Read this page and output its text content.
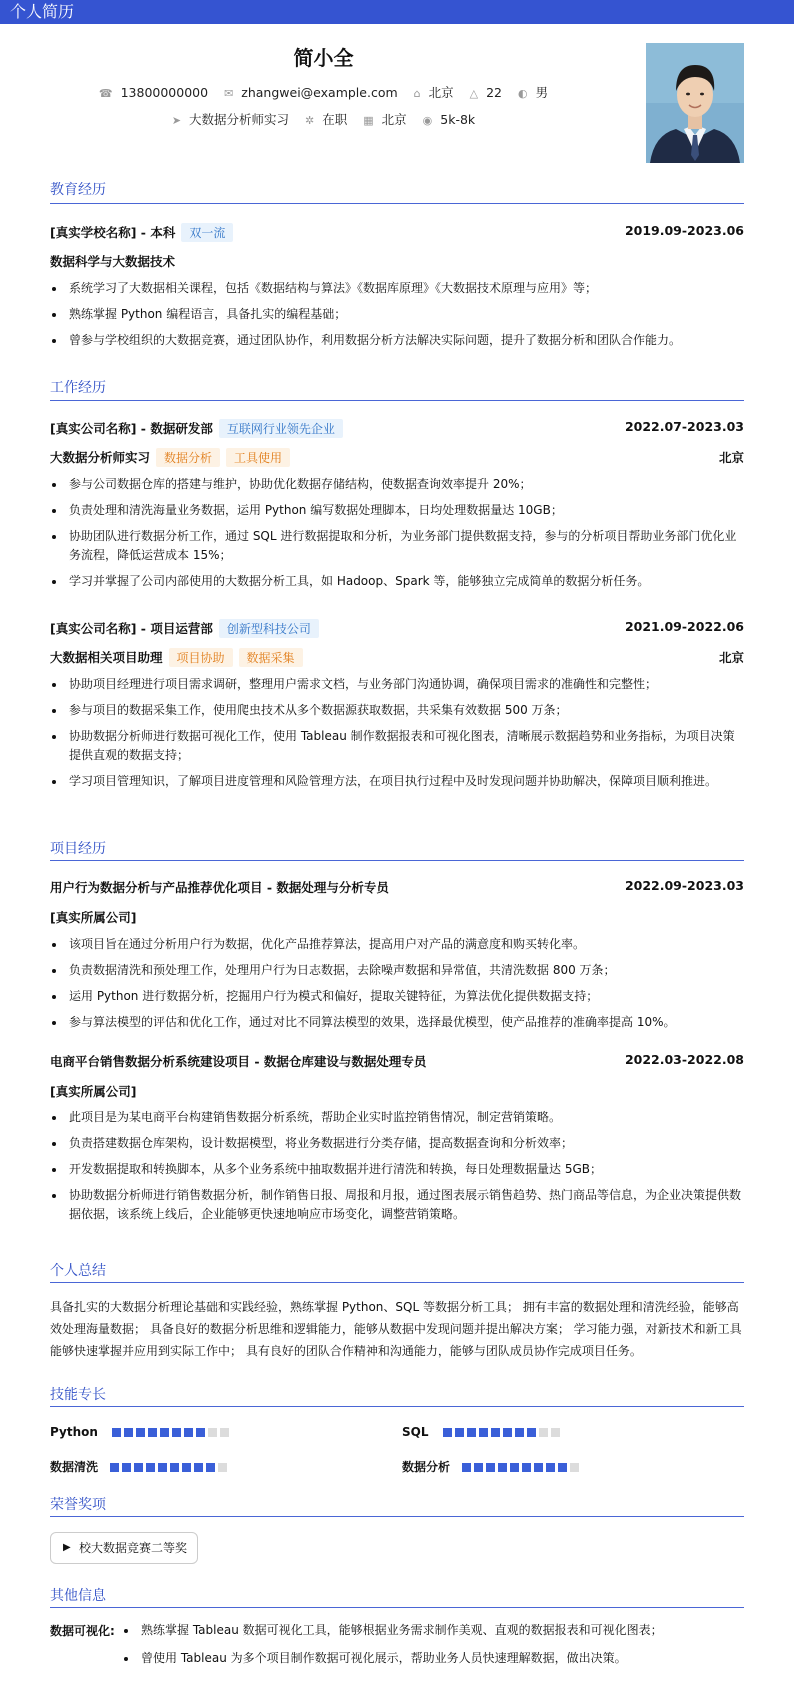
个人简历
简小全
☎ 13800000000 ✉ zhangwei@example.com ⌂ 北京 △ 22 ◐ 男
➤ 大数据分析师实习 ✲ 在职 ▦ 北京 ◉ 5k-8k
教育经历
[真实学校名称] - 本科 双一流	2019.09-2023.06
数据科学与大数据技术
系统学习了大数据相关课程，包括《数据结构与算法》《数据库原理》《大数据技术原理与应用》等；
熟练掌握 Python 编程语言，具备扎实的编程基础；
曾参与学校组织的大数据竞赛，通过团队协作，利用数据分析方法解决实际问题，提升了数据分析和团队合作能力。
工作经历
[真实公司名称] - 数据研发部 互联网行业领先企业	2022.07-2023.03
大数据分析师实习 数据分析 工具使用	北京
参与公司数据仓库的搭建与维护，协助优化数据存储结构，使数据查询效率提升 20%；
负责处理和清洗海量业务数据，运用 Python 编写数据处理脚本，日均处理数据量达 10GB；
协助团队进行数据分析工作，通过 SQL 进行数据提取和分析，为业务部门提供数据支持，参与的分析项目帮助业务部门优化业务流程，降低运营成本 15%；
学习并掌握了公司内部使用的大数据分析工具，如 Hadoop、Spark 等，能够独立完成简单的数据分析任务。
[真实公司名称] - 项目运营部 创新型科技公司	2021.09-2022.06
大数据相关项目助理 项目协助 数据采集	北京
协助项目经理进行项目需求调研，整理用户需求文档，与业务部门沟通协调，确保项目需求的准确性和完整性；
参与项目的数据采集工作，使用爬虫技术从多个数据源获取数据，共采集有效数据 500 万条；
协助数据分析师进行数据可视化工作，使用 Tableau 制作数据报表和可视化图表，清晰展示数据趋势和业务指标，为项目决策提供直观的数据支持；
学习项目管理知识，了解项目进度管理和风险管理方法，在项目执行过程中及时发现问题并协助解决，保障项目顺利推进。
项目经历
用户行为数据分析与产品推荐优化项目 - 数据处理与分析专员	2022.09-2023.03
[真实所属公司]
该项目旨在通过分析用户行为数据，优化产品推荐算法，提高用户对产品的满意度和购买转化率。
负责数据清洗和预处理工作，处理用户行为日志数据，去除噪声数据和异常值，共清洗数据 800 万条；
运用 Python 进行数据分析，挖掘用户行为模式和偏好，提取关键特征，为算法优化提供数据支持；
参与算法模型的评估和优化工作，通过对比不同算法模型的效果，选择最优模型，使产品推荐的准确率提高 10%。
电商平台销售数据分析系统建设项目 - 数据仓库建设与数据处理专员	2022.03-2022.08
[真实所属公司]
此项目是为某电商平台构建销售数据分析系统，帮助企业实时监控销售情况，制定营销策略。
负责搭建数据仓库架构，设计数据模型，将业务数据进行分类存储，提高数据查询和分析效率；
开发数据提取和转换脚本，从多个业务系统中抽取数据并进行清洗和转换，每日处理数据量达 5GB；
协助数据分析师进行销售数据分析，制作销售日报、周报和月报，通过图表展示销售趋势、热门商品等信息，为企业决策提供数据依据，该系统上线后，企业能够更快速地响应市场变化，调整营销策略。
个人总结
具备扎实的大数据分析理论基础和实践经验，熟练掌握 Python、SQL 等数据分析工具； 拥有丰富的数据处理和清洗经验，能够高效处理海量数据； 具备良好的数据分析思维和逻辑能力，能够从数据中发现问题并提出解决方案； 学习能力强，对新技术和新工具能够快速掌握并应用到实际工作中； 具有良好的团队合作精神和沟通能力，能够与团队成员协作完成项目任务。
技能专长
Python	SQL
数据清洗	数据分析
荣誉奖项
▶ 校大数据竞赛二等奖
其他信息
数据可视化:	熟练掌握 Tableau 数据可视化工具，能够根据业务需求制作美观、直观的数据报表和可视化图表；
曾使用 Tableau 为多个项目制作数据可视化展示，帮助业务人员快速理解数据，做出决策。
